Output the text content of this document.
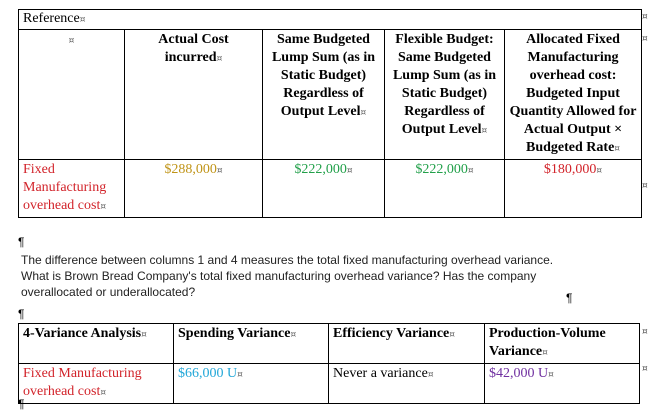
Reference¤				
¤	Actual Cost incurred¤	Same Budgeted Lump Sum (as in Static Budget) Regardless of Output Level¤	Flexible Budget: Same Budgeted Lump Sum (as in Static Budget) Regardless of Output Level¤	Allocated Fixed Manufacturing overhead cost: Budgeted Input Quantity Allowed for Actual Output × Budgeted Rate¤
Fixed Manufacturing overhead cost¤	$288,000¤	$222,000¤	$222,000¤	$180,000¤
¤
¤
¤
¶
The difference between columns 1 and 4 measures the total fixed manufacturing overhead variance. What is Brown Bread Company's total fixed manufacturing overhead variance? Has the company overallocated or underallocated?	¶
¶
4-Variance Analysis¤	Spending Variance¤	Efficiency Variance¤	Production-Volume Variance¤
Fixed Manufacturing overhead cost¤	$66,000 U¤	Never a variance¤	$42,000 U¤
¤
¤
¶
